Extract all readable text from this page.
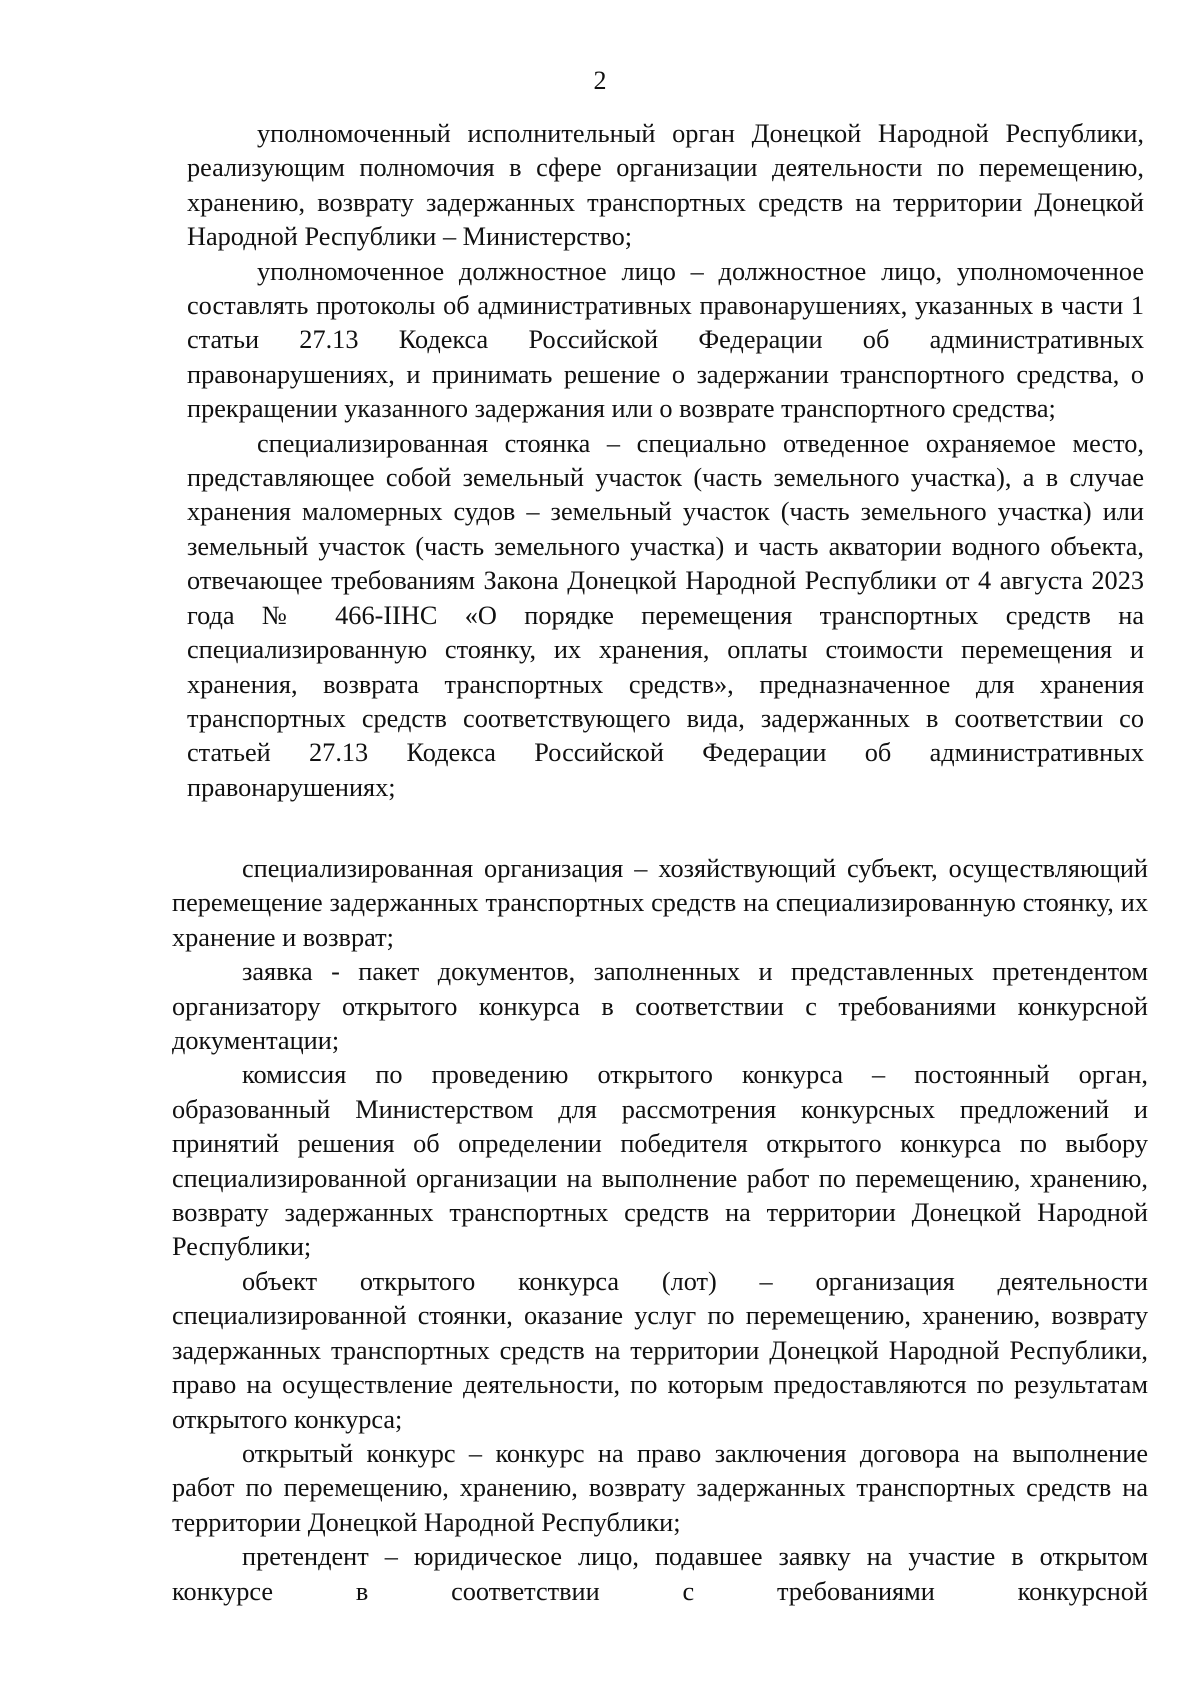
2

уполномоченный исполнительный орган Донецкой Народной Республики, реализующим полномочия в сфере организации деятельности по перемещению, хранению, возврату задержанных транспортных средств на территории Донецкой Народной Республики – Министерство;

уполномоченное должностное лицо – должностное лицо, уполномоченное составлять протоколы об административных правонарушениях, указанных в части 1 статьи 27.13 Кодекса Российской Федерации об административных правонарушениях, и принимать решение о задержании транспортного средства, о прекращении указанного задержания или о возврате транспортного средства;

специализированная стоянка – специально отведенное охраняемое место, представляющее собой земельный участок (часть земельного участка), а в случае хранения маломерных судов – земельный участок (часть земельного участка) или земельный участок (часть земельного участка) и часть акватории водного объекта, отвечающее требованиям Закона Донецкой Народной Республики от 4 августа 2023 года № 466-IIНС «О порядке перемещения транспортных средств на специализированную стоянку, их хранения, оплаты стоимости перемещения и хранения, возврата транспортных средств», предназначенное для хранения транспортных средств соответствующего вида, задержанных в соответствии со статьей 27.13 Кодекса Российской Федерации об административных правонарушениях;

специализированная организация – хозяйствующий субъект, осуществляющий перемещение задержанных транспортных средств на специализированную стоянку, их хранение и возврат;

заявка - пакет документов, заполненных и представленных претендентом организатору открытого конкурса в соответствии с требованиями конкурсной документации;

комиссия по проведению открытого конкурса – постоянный орган, образованный Министерством для рассмотрения конкурсных предложений и принятий решения об определении победителя открытого конкурса по выбору специализированной организации на выполнение работ по перемещению, хранению, возврату задержанных транспортных средств на территории Донецкой Народной Республики;

объект открытого конкурса (лот) – организация деятельности специализированной стоянки, оказание услуг по перемещению, хранению, возврату задержанных транспортных средств на территории Донецкой Народной Республики, право на осуществление деятельности, по которым предоставляются по результатам открытого конкурса;

открытый конкурс – конкурс на право заключения договора на выполнение работ по перемещению, хранению, возврату задержанных транспортных средств на территории Донецкой Народной Республики;

претендент – юридическое лицо, подавшее заявку на участие в открытом конкурсе в соответствии с требованиями конкурсной
